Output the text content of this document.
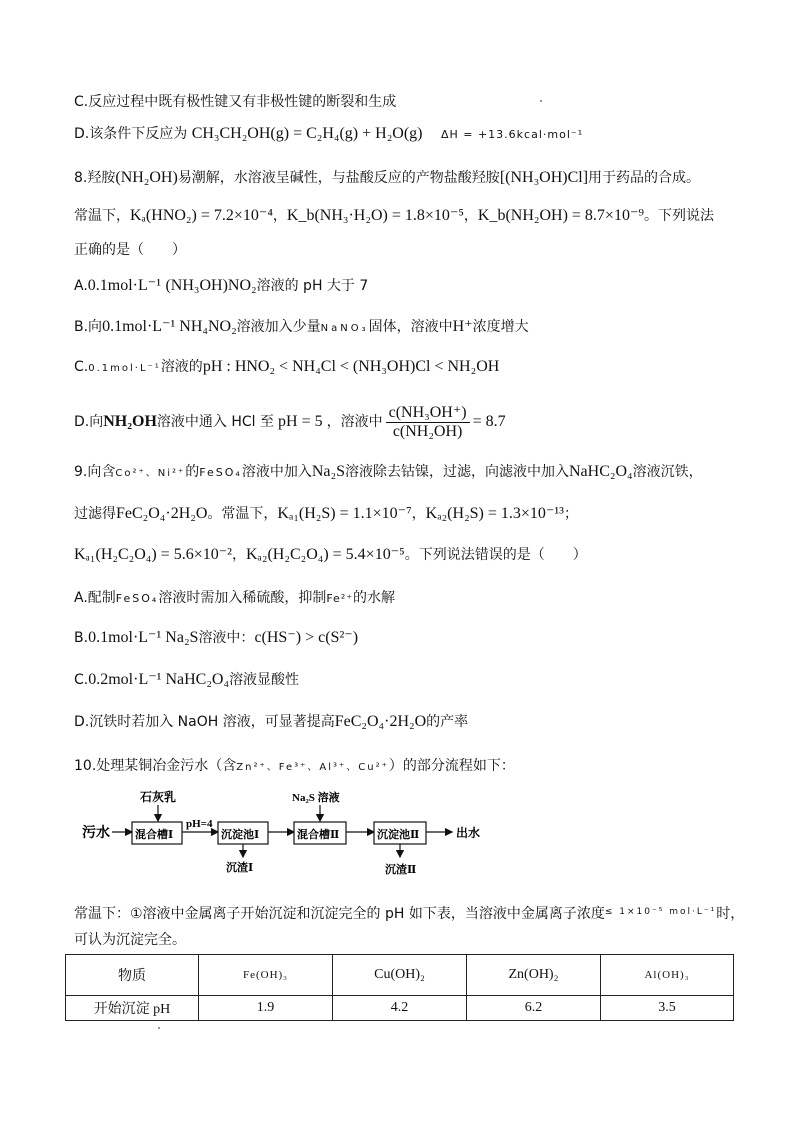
C.反应过程中既有极性键又有非极性键的断裂和生成
D.该条件下反应为 CH₃CH₂OH(g) = C₂H₄(g) + H₂O(g) ΔH = +13.6kcal·mol⁻¹
8.羟胺(NH₂OH)易潮解，水溶液呈碱性，与盐酸反应的产物盐酸羟胺[(NH₃OH)Cl]用于药品的合成。
常温下，Kₐ(HNO₂) = 7.2×10⁻⁴，K_b(NH₃·H₂O) = 1.8×10⁻⁵，K_b(NH₂OH) = 8.7×10⁻⁹。下列说法
正确的是（　　）
A.0.1mol·L⁻¹ (NH₃OH)NO₂溶液的 pH 大于 7
B.向0.1mol·L⁻¹ NH₄NO₂溶液加入少量NaNO₃固体，溶液中H⁺浓度增大
C.0.1mol·L⁻¹溶液的pH : HNO₂ < NH₄Cl < (NH₃OH)Cl < NH₂OH
D.向 NH₂OH 溶液中通入 HCl 至 pH = 5 ，溶液中 $\frac{\text{c(NH₃OH⁺)}}{\text{c(NH₂OH)}} = 8.7$
9.向含Co²⁺、Ni²⁺的FeSO₄溶液中加入Na₂S溶液除去钴镍，过滤，向滤液中加入NaHC₂O₄溶液沉铁，
过滤得FeC₂O₄·2H₂O。常温下，Kₐ₁(H₂S) = 1.1×10⁻⁷，Kₐ₂(H₂S) = 1.3×10⁻¹³；
Kₐ₁(H₂C₂O₄) = 5.6×10⁻²，Kₐ₂(H₂C₂O₄) = 5.4×10⁻⁵。下列说法错误的是（　　）
A.配制FeSO₄溶液时需加入稀硫酸，抑制Fe²⁺的水解
B.0.1mol·L⁻¹ Na₂S溶液中：c(HS⁻) > c(S²⁻)
C.0.2mol·L⁻¹ NaHC₂O₄溶液显酸性
D.沉铁时若加入 NaOH 溶液，可显著提高FeC₂O₄·2H₂O的产率
10.处理某铜冶金污水（含Zn²⁺、Fe³⁺、Al³⁺、Cu²⁺）的部分流程如下：
污水
石灰乳
混合槽Ⅰ
pH=4
沉淀池Ⅰ
沉渣Ⅰ
Na₂S 溶液
混合槽Ⅱ	沉淀池Ⅱ
沉渣Ⅱ
出水
常温下：①溶液中金属离子开始沉淀和沉淀完全的 pH 如下表，当溶液中金属离子浓度$^{\le 1\times 10^{-5} mol\cdot L^{-1}}$时，
可认为沉淀完全。
物质	Fe(OH)₃	Cu(OH)₂	Zn(OH)₂	Al(OH)₃
开始沉淀 pH	1.9	4.2	6.2	3.5
